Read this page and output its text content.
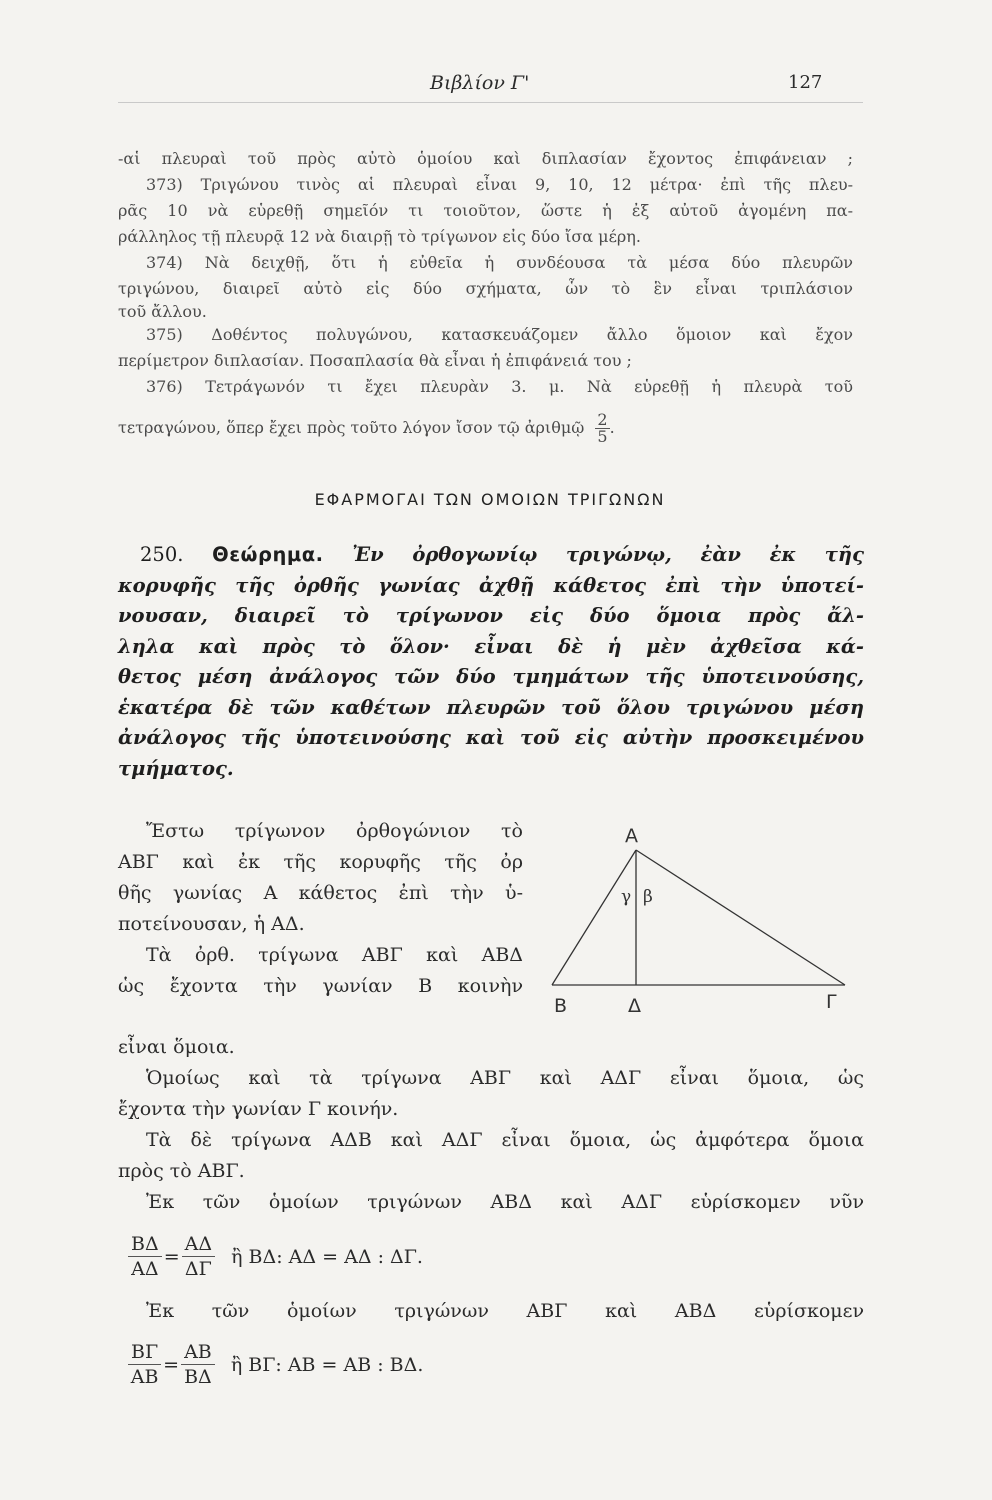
Βιβλίον Γ'	127

-αἱ πλευραὶ τοῦ πρὸς αὐτὸ ὁμοίου καὶ διπλασίαν ἔχοντος ἐπιφάνειαν ;

373) Τριγώνου τινὸς αἱ πλευραὶ εἶναι 9, 10, 12 μέτρα· ἐπὶ τῆς πλευ-

ρᾶς 10 νὰ εὑρεθῇ σημεῖόν τι τοιοῦτον, ὥστε ἡ ἐξ αὐτοῦ ἀγομένη πα-

ράλληλος τῇ πλευρᾷ 12 νὰ διαιρῇ τὸ τρίγωνον εἰς δύο ἴσα μέρη.

374) Νὰ δειχθῇ, ὅτι ἡ εὐθεῖα ἡ συνδέουσα τὰ μέσα δύο πλευρῶν

τριγώνου, διαιρεῖ αὐτὸ εἰς δύο σχήματα, ὧν τὸ ἓν εἶναι τριπλάσιον

τοῦ ἄλλου.

375) Δοθέντος πολυγώνου, κατασκευάζομεν ἄλλο ὅμοιον καὶ ἔχον

περίμετρον διπλασίαν. Ποσαπλασία θὰ εἶναι ἡ ἐπιφάνειά του ;

376) Τετράγωνόν τι ἔχει πλευρὰν 3. μ. Νὰ εὑρεθῇ ἡ πλευρὰ τοῦ

τετραγώνου, ὅπερ ἔχει πρὸς τοῦτο λόγον ἴσον τῷ ἀριθμῷ $\frac{2}{5}$ .
ΕΦΑΡΜΟΓΑΙ ΤΩΝ ΟΜΟΙΩΝ ΤΡΙΓΩΝΩΝ

250. Θεώρημα. Ἐν ὀρθογωνίῳ τριγώνῳ, ἐὰν ἐκ τῆς

κορυφῆς τῆς ὀρθῆς γωνίας ἀχθῇ κάθετος ἐπὶ τὴν ὑποτεί-

νουσαν, διαιρεῖ τὸ τρίγωνον εἰς δύο ὅμοια πρὸς ἄλ-

ληλα καὶ πρὸς τὸ ὅλον· εἶναι δὲ ἡ μὲν ἀχθεῖσα κά-

θετος μέση ἀνάλογος τῶν δύο τμημάτων τῆς ὑποτεινούσης,

ἑκατέρα δὲ τῶν καθέτων πλευρῶν τοῦ ὅλου τριγώνου μέση

ἀνάλογος τῆς ὑποτεινούσης καὶ τοῦ εἰς αὐτὴν προσκειμένου

τμήματος.

Ἔστω τρίγωνον ὀρθογώνιον τὸ

ΑΒΓ καὶ ἐκ τῆς κορυφῆς τῆς ὀρ

θῆς γωνίας Α κάθετος ἐπὶ τὴν ὑ-

ποτείνουσαν, ἡ ΑΔ.

Τὰ ὀρθ. τρίγωνα ΑΒΓ καὶ ΑΒΔ

ὡς ἔχοντα τὴν γωνίαν Β κοινὴν

Α
Β	Δ	Γ
γ β

εἶναι ὅμοια.

Ὁμοίως καὶ τὰ τρίγωνα ΑΒΓ καὶ ΑΔΓ εἶναι ὅμοια, ὡς

ἔχοντα τὴν γωνίαν Γ κοινήν.

Τὰ δὲ τρίγωνα ΑΔΒ καὶ ΑΔΓ εἶναι ὅμοια, ὡς ἀμφότερα ὅμοια

πρὸς τὸ ΑΒΓ.

Ἐκ τῶν ὁμοίων τριγώνων ΑΒΔ καὶ ΑΔΓ εὑρίσκομεν νῦν

$\frac{B\Delta}{A\Delta} = \frac{A\Delta}{\Delta\Gamma}$ ἢ ΒΔ: ΑΔ = ΑΔ : ΔΓ.

Ἐκ τῶν ὁμοίων τριγώνων ΑΒΓ καὶ ΑΒΔ εὑρίσκομεν

$\frac{B\Gamma}{AB} = \frac{AB}{B\Delta}$ ἢ ΒΓ: ΑΒ = ΑΒ : ΒΔ.
